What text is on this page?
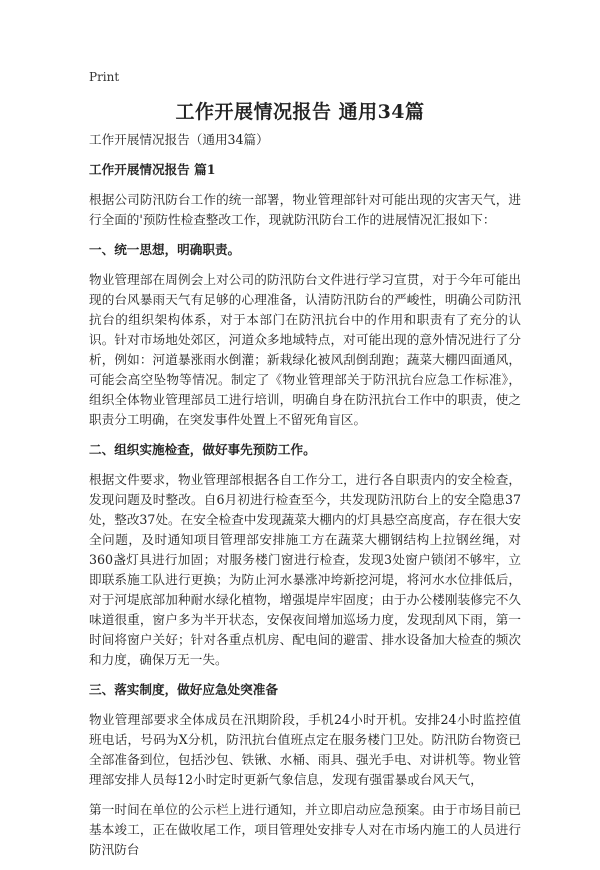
Print
工作开展情况报告 通用34篇
工作开展情况报告（通用34篇）
工作开展情况报告 篇1

根据公司防汛防台工作的统一部署，物业管理部针对可能出现的灾害天气，进行全面的'预防性检查整改工作，现就防汛防台工作的进展情况汇报如下：

一、统一思想，明确职责。

物业管理部在周例会上对公司的防汛防台文件进行学习宣贯，对于今年可能出现的台风暴雨天气有足够的心理准备，认清防汛防台的严峻性，明确公司防汛抗台的组织架构体系，对于本部门在防汛抗台中的作用和职责有了充分的认识。针对市场地处郊区，河道众多地域特点，对可能出现的意外情况进行了分析，例如：河道暴涨雨水倒灌；新栽绿化被风刮倒刮跑；蔬菜大棚四面通风，可能会高空坠物等情况。制定了《物业管理部关于防汛抗台应急工作标准》，组织全体物业管理部员工进行培训，明确自身在防汛抗台工作中的职责，使之职责分工明确，在突发事件处置上不留死角盲区。

二、组织实施检查，做好事先预防工作。

根据文件要求，物业管理部根据各自工作分工，进行各自职责内的安全检查，发现问题及时整改。自6月初进行检查至今，共发现防汛防台上的安全隐患37处，整改37处。在安全检查中发现蔬菜大棚内的灯具悬空高度高，存在很大安全问题，及时通知项目管理部安排施工方在蔬菜大棚钢结构上拉钢丝绳，对360盏灯具进行加固；对服务楼门窗进行检查，发现3处窗户锁闭不够牢，立即联系施工队进行更换；为防止河水暴涨冲垮新挖河堤，将河水水位排低后，对于河堤底部加种耐水绿化植物，增强堤岸牢固度；由于办公楼刚装修完不久味道很重，窗户多为半开状态，安保夜间增加巡场力度，发现刮风下雨，第一时间将窗户关好；针对各重点机房、配电间的避雷、排水设备加大检查的频次和力度，确保万无一失。

三、落实制度，做好应急处突准备

物业管理部要求全体成员在汛期阶段，手机24小时开机。安排24小时监控值班电话，号码为X分机，防汛抗台值班点定在服务楼门卫处。防汛防台物资已全部准备到位，包括沙包、铁锹、水桶、雨具、强光手电、对讲机等。物业管理部安排人员每12小时定时更新气象信息，发现有强雷暴或台风天气，

第一时间在单位的公示栏上进行通知，并立即启动应急预案。由于市场目前已基本竣工，正在做收尾工作，项目管理处安排专人对在市场内施工的人员进行防汛防台
